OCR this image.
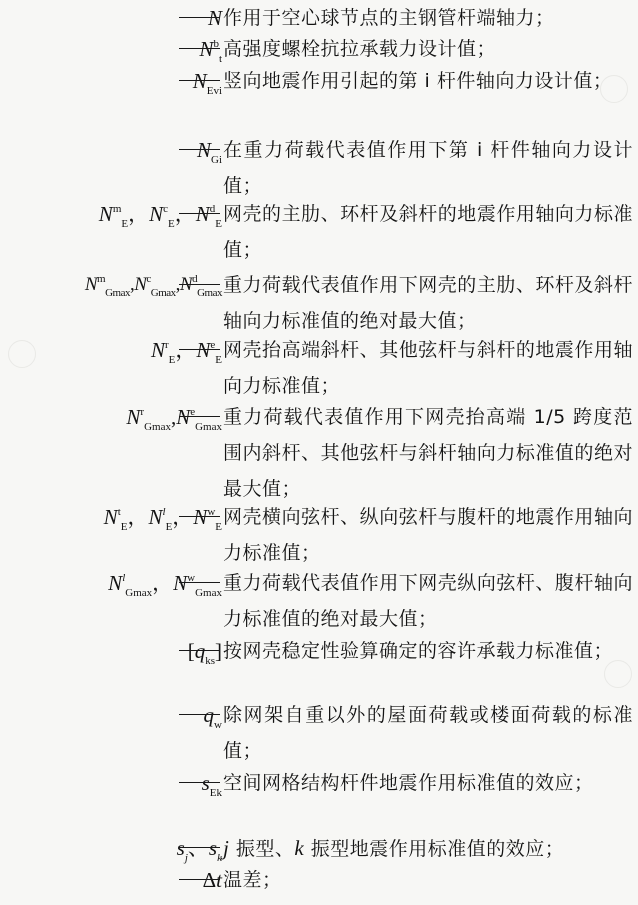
N 作用于空心球节点的主钢管杆端轴力；
$N^b_t$ 高强度螺栓抗拉承载力设计值；
$N_{Evi}$ 竖向地震作用引起的第 i 杆件轴向力设计值；
$N_{Gi}$ 在重力荷载代表值作用下第 i 杆件轴向力设计值；
$N^m_E$，$N^c_E$，$N^d_E$ 网壳的主肋、环杆及斜杆的地震作用轴向力标准值；
$N^m_{Gmax},N^c_{Gmax},N^d_{Gmax}$ 重力荷载代表值作用下网壳的主肋、环杆及斜杆轴向力标准值的绝对最大值；
$N^r_E$，$N^e_E$ 网壳抬高端斜杆、其他弦杆与斜杆的地震作用轴向力标准值；
$N^r_{Gmax},N^e_{Gmax}$ 重力荷载代表值作用下网壳抬高端 1/5 跨度范围内斜杆、其他弦杆与斜杆轴向力标准值的绝对最大值；
$N^t_E$，$N^l_E$，$N^w_E$ 网壳横向弦杆、纵向弦杆与腹杆的地震作用轴向力标准值；
$N^l_{Gmax}$，$N^w_{Gmax}$ 重力荷载代表值作用下网壳纵向弦杆、腹杆轴向力标准值的绝对最大值；
$[q_{ks}]$ 按网壳稳定性验算确定的容许承载力标准值；
$q_w$ 除网架自重以外的屋面荷载或楼面荷载的标准值；
$s_{Ek}$ 空间网格结构杆件地震作用标准值的效应；
$s_j$、$s_k$ j 振型、k 振型地震作用标准值的效应；
Δt 温差；
